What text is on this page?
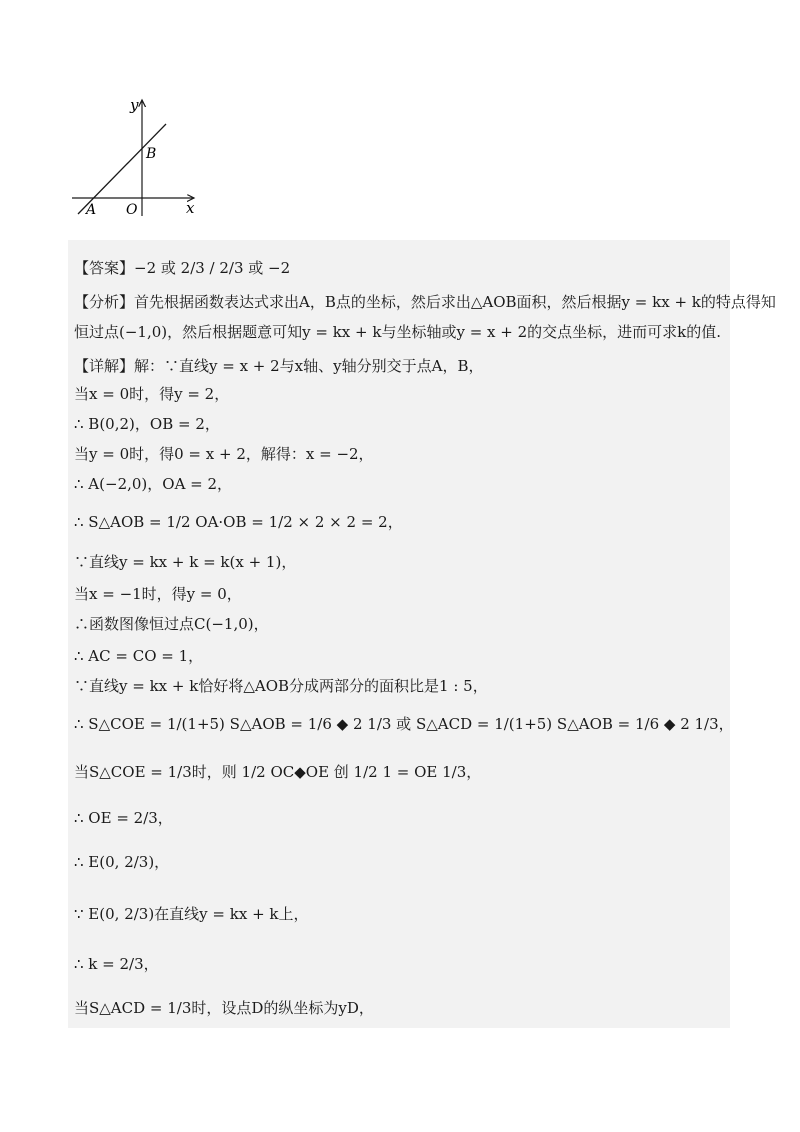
y
x
A O
B
【答案】−2 或 2/3 / 2/3 或 −2
【分析】首先根据函数表达式求出A，B点的坐标，然后求出△AOB面积，然后根据y = kx + k的特点得知
恒过点(−1,0)，然后根据题意可知y = kx + k与坐标轴或y = x + 2的交点坐标，进而可求k的值.
【详解】解：∵直线y = x + 2与x轴、y轴分别交于点A，B，
当x = 0时，得y = 2，
∴ B(0,2)，OB = 2，
当y = 0时，得0 = x + 2，解得：x = −2，
∴ A(−2,0)，OA = 2，
∴ S△AOB = 1/2 OA·OB = 1/2 × 2 × 2 = 2，
∵直线y = kx + k = k(x + 1)，
当x = −1时，得y = 0，
∴函数图像恒过点C(−1,0)，
∴ AC = CO = 1，
∵直线y = kx + k恰好将△AOB分成两部分的面积比是1 : 5，
∴ S△COE = 1/(1+5) S△AOB = 1/6 ◆ 2 1/3 或 S△ACD = 1/(1+5) S△AOB = 1/6 ◆ 2 1/3，
当S△COE = 1/3时，则 1/2 OC◆OE 创 1/2 1 = OE 1/3，
∴ OE = 2/3，
∴ E(0, 2/3)，
∵ E(0, 2/3)在直线y = kx + k上，
∴ k = 2/3，
当S△ACD = 1/3时，设点D的纵坐标为yD，
